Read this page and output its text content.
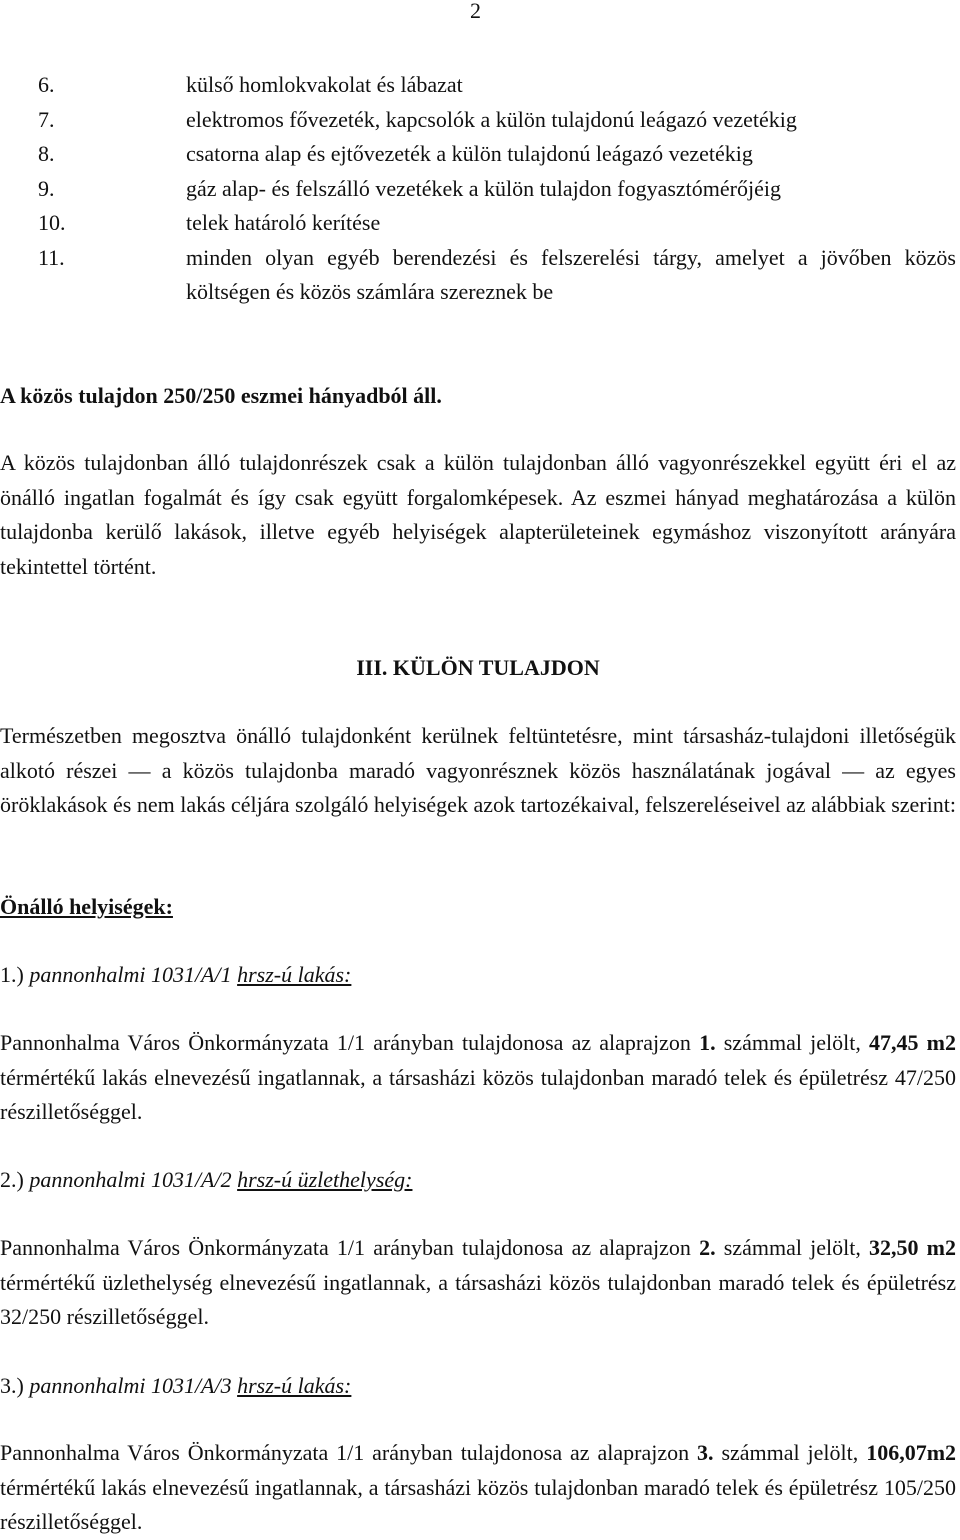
2
6.	külső homlokvakolat és lábazat
7.	elektromos fővezeték, kapcsolók a külön tulajdonú leágazó vezetékig
8.	csatorna alap és ejtővezeték a külön tulajdonú leágazó vezetékig
9.	gáz alap- és felszálló vezetékek a külön tulajdon fogyasztómérőjéig
10.	telek határoló kerítése
11.	minden olyan egyéb berendezési és felszerelési tárgy, amelyet a jövőben közös költségen és közös számlára szereznek be
A közös tulajdon 250/250 eszmei hányadból áll.
A közös tulajdonban álló tulajdonrészek csak a külön tulajdonban álló vagyonrészekkel együtt éri el az önálló ingatlan fogalmát és így csak együtt forgalomképesek. Az eszmei hányad meghatározása a külön tulajdonba kerülő lakások, illetve egyéb helyiségek alapterületeinek egymáshoz viszonyított arányára tekintettel történt.
III. KÜLÖN TULAJDON
Természetben megosztva önálló tulajdonként kerülnek feltüntetésre, mint társasház-tulajdoni illetőségük alkotó részei — a közös tulajdonba maradó vagyonrésznek közös használatának jogával — az egyes öröklakások és nem lakás céljára szolgáló helyiségek azok tartozékaival, felszereléseivel az alábbiak szerint:
Önálló helyiségek:
1.) pannonhalmi 1031/A/1 hrsz-ú lakás:

Pannonhalma Város Önkormányzata 1/1 arányban tulajdonosa az alaprajzon 1. számmal jelölt, 47,45 m2 térmértékű lakás elnevezésű ingatlannak, a társasházi közös tulajdonban maradó telek és épületrész 47/250 részilletőséggel.

2.) pannonhalmi 1031/A/2 hrsz-ú üzlethelység:

Pannonhalma Város Önkormányzata 1/1 arányban tulajdonosa az alaprajzon 2. számmal jelölt, 32,50 m2 térmértékű üzlethelység elnevezésű ingatlannak, a társasházi közös tulajdonban maradó telek és épületrész 32/250 részilletőséggel.

3.) pannonhalmi 1031/A/3 hrsz-ú lakás:

Pannonhalma Város Önkormányzata 1/1 arányban tulajdonosa az alaprajzon 3. számmal jelölt, 106,07m2 térmértékű lakás elnevezésű ingatlannak, a társasházi közös tulajdonban maradó telek és épületrész 105/250 részilletőséggel.
